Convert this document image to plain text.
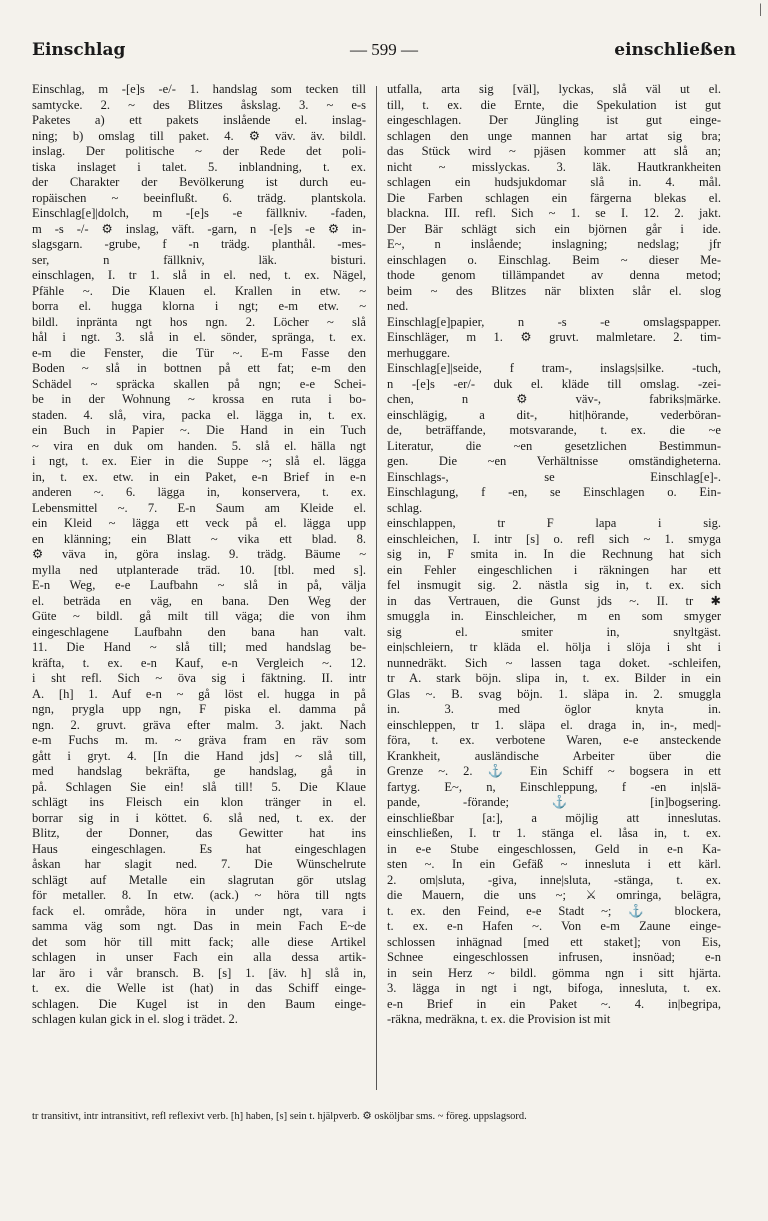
|
Einschlag	— 599 —	einschließen
Einschlag, m -[e]s -e/- 1. handslag som tecken till
samtycke. 2. ~ des Blitzes åskslag. 3. ~ e-s
Paketes a) ett pakets inslående el. inslag-
ning; b) omslag till paket. 4. ⚙ väv. äv. bildl.
inslag. Der politische ~ der Rede det poli-
tiska inslaget i talet. 5. inblandning, t. ex.
der Charakter der Bevölkerung ist durch eu-
ropäischen ~ beeinflußt. 6. trädg. plantskola.
Einschlag[e]|dolch, m -[e]s -e fällkniv. -faden,
m -s -/- ⚙ inslag, väft. -garn, n -[e]s -e ⚙ in-
slagsgarn. -grube, f -n trädg. planthål. -mes-
ser, n fällkniv, läk. bisturi.
einschlagen, I. tr 1. slå in el. ned, t. ex. Nägel,
Pfähle ~. Die Klauen el. Krallen in etw. ~
borra el. hugga klorna i ngt; e-m etw. ~
bildl. inpränta ngt hos ngn. 2. Löcher ~ slå
hål i ngt. 3. slå in el. sönder, spränga, t. ex.
e-m die Fenster, die Tür ~. E-m Fasse den
Boden ~ slå in bottnen på ett fat; e-m den
Schädel ~ spräcka skallen på ngn; e-e Schei-
be in der Wohnung ~ krossa en ruta i bo-
staden. 4. slå, vira, packa el. lägga in, t. ex.
ein Buch in Papier ~. Die Hand in ein Tuch
~ vira en duk om handen. 5. slå el. hälla ngt
i ngt, t. ex. Eier in die Suppe ~; slå el. lägga
in, t. ex. etw. in ein Paket, e-n Brief in e-n
anderen ~. 6. lägga in, konservera, t. ex.
Lebensmittel ~. 7. E-n Saum am Kleide el.
ein Kleid ~ lägga ett veck på el. lägga upp
en klänning; ein Blatt ~ vika ett blad. 8.
⚙ väva in, göra inslag. 9. trädg. Bäume ~
mylla ned utplanterade träd. 10. [tbl. med s].
E-n Weg, e-e Laufbahn ~ slå in på, välja
el. beträda en väg, en bana. Den Weg der
Güte ~ bildl. gå milt till väga; die von ihm
eingeschlagene Laufbahn den bana han valt.
11. Die Hand ~ slå till; med handslag be-
kräfta, t. ex. e-n Kauf, e-n Vergleich ~. 12.
i sht refl. Sich ~ öva sig i fäktning. II. intr
A. [h] 1. Auf e-n ~ gå löst el. hugga in på
ngn, prygla upp ngn, F piska el. damma på
ngn. 2. gruvt. gräva efter malm. 3. jakt. Nach
e-m Fuchs m. m. ~ gräva fram en räv som
gått i gryt. 4. [In die Hand jds] ~ slå till,
med handslag bekräfta, ge handslag, gå in
på. Schlagen Sie ein! slå till! 5. Die Klaue
schlägt ins Fleisch ein klon tränger in el.
borrar sig in i köttet. 6. slå ned, t. ex. der
Blitz, der Donner, das Gewitter hat ins
Haus eingeschlagen. Es hat eingeschlagen
åskan har slagit ned. 7. Die Wünschelrute
schlägt auf Metalle ein slagrutan gör utslag
för metaller. 8. In etw. (ack.) ~ höra till ngts
fack el. område, höra in under ngt, vara i
samma väg som ngt. Das in mein Fach E~de
det som hör till mitt fack; alle diese Artikel
schlagen in unser Fach ein alla dessa artik-
lar äro i vår bransch. B. [s] 1. [äv. h] slå in,
t. ex. die Welle ist (hat) in das Schiff einge-
schlagen. Die Kugel ist in den Baum einge-
schlagen kulan gick in el. slog i trädet. 2.
utfalla, arta sig [väl], lyckas, slå väl ut el.
till, t. ex. die Ernte, die Spekulation ist gut
eingeschlagen. Der Jüngling ist gut einge-
schlagen den unge mannen har artat sig bra;
das Stück wird ~ pjäsen kommer att slå an;
nicht ~ misslyckas. 3. läk. Hautkrankheiten
schlagen ein hudsjukdomar slå in. 4. mål.
Die Farben schlagen ein färgerna blekas el.
blackna. III. refl. Sich ~ 1. se I. 12. 2. jakt.
Der Bär schlägt sich ein björnen går i ide.
E~, n inslående; inslagning; nedslag; jfr
einschlagen o. Einschlag. Beim ~ dieser Me-
thode genom tillämpandet av denna metod;
beim ~ des Blitzes när blixten slår el. slog
ned.
Einschlag[e]papier, n -s -e omslagspapper.
Einschläger, m 1. ⚙ gruvt. malmletare. 2. tim-
merhuggare.
Einschlag[e]|seide, f tram-, inslags|silke. -tuch,
n -[e]s -er/- duk el. kläde till omslag. -zei-
chen, n ⚙ väv-, fabriks|märke.
einschlägig, a dit-, hit|hörande, vederböran-
de, beträffande, motsvarande, t. ex. die ~e
Literatur, die ~en gesetzlichen Bestimmun-
gen. Die ~en Verhältnisse omständigheterna.
Einschlags-, se Einschlag[e]-.
Einschlagung, f -en, se Einschlagen o. Ein-
schlag.
einschlappen, tr F lapa i sig.
einschleichen, I. intr [s] o. refl sich ~ 1. smyga
sig in, F smita in. In die Rechnung hat sich
ein Fehler eingeschlichen i räkningen har ett
fel insmugit sig. 2. nästla sig in, t. ex. sich
in das Vertrauen, die Gunst jds ~. II. tr ✱
smuggla in. Einschleicher, m en som smyger
sig el. smiter in, snyltgäst.
ein|schleiern, tr kläda el. hölja i slöja i sht i
nunnedräkt. Sich ~ lassen taga doket. -schleifen,
tr A. stark böjn. slipa in, t. ex. Bilder in ein
Glas ~. B. svag böjn. 1. släpa in. 2. smuggla
in. 3. med öglor knyta in.
einschleppen, tr 1. släpa el. draga in, in-, med|-
föra, t. ex. verbotene Waren, e-e ansteckende
Krankheit, ausländische Arbeiter über die
Grenze ~. 2. ⚓ Ein Schiff ~ bogsera in ett
fartyg. E~, n, Einschleppung, f -en in|slä-
pande, -förande; ⚓ [in]bogsering.
einschließbar [a:], a möjlig att inneslutas.
einschließen, I. tr 1. stänga el. låsa in, t. ex.
in e-e Stube eingeschlossen, Geld in e-n Ka-
sten ~. In ein Gefäß ~ innesluta i ett kärl.
2. om|sluta, -giva, inne|sluta, -stänga, t. ex.
die Mauern, die uns ~; ⚔ omringa, belägra,
t. ex. den Feind, e-e Stadt ~; ⚓ blockera,
t. ex. e-n Hafen ~. Von e-m Zaune einge-
schlossen inhägnad [med ett staket]; von Eis,
Schnee eingeschlossen infrusen, insnöad; e-n
in sein Herz ~ bildl. gömma ngn i sitt hjärta.
3. lägga in ngt i ngt, bifoga, innesluta, t. ex.
e-n Brief in ein Paket ~. 4. in|begripa,
-räkna, medräkna, t. ex. die Provision ist mit
tr transitivt, intr intransitivt, refl reflexivt verb. [h] haben, [s] sein t. hjälpverb. ⚙ osköljbar sms. ~ föreg. uppslagsord.
